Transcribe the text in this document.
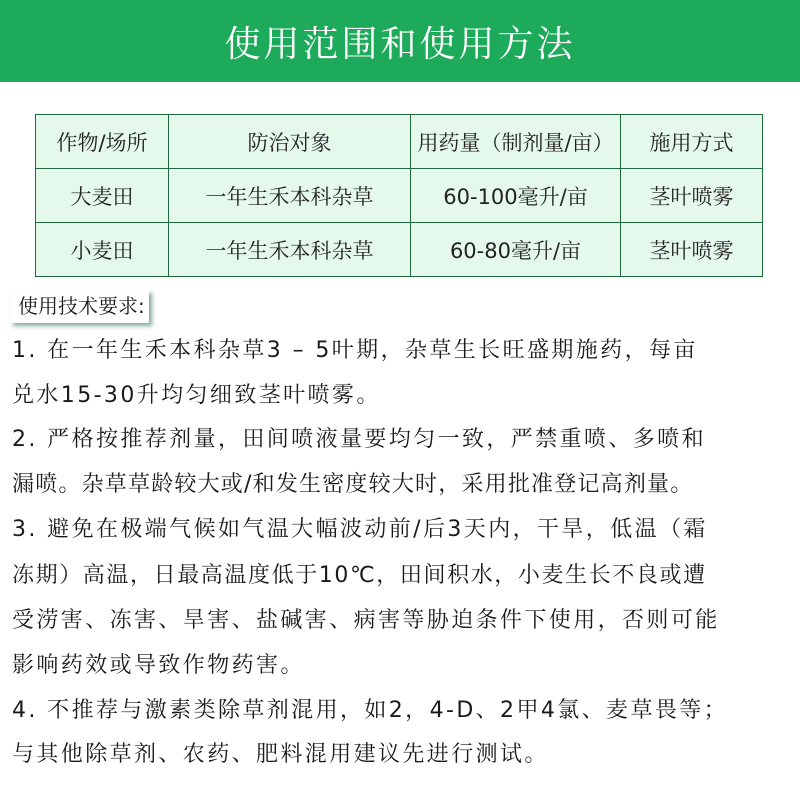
使用范围和使用方法
作物/场所	防治对象	用药量（制剂量/亩）	施用方式
大麦田	一年生禾本科杂草	60-100毫升/亩	茎叶喷雾
小麦田	一年生禾本科杂草	60-80毫升/亩	茎叶喷雾
使用技术要求:
1. 在一年生禾本科杂草3 – 5叶期，杂草生长旺盛期施药，每亩
兑水15-30升均匀细致茎叶喷雾。
2. 严格按推荐剂量，田间喷液量要均匀一致，严禁重喷、多喷和
漏喷。杂草草龄较大或/和发生密度较大时，采用批准登记高剂量。
3. 避免在极端气候如气温大幅波动前/后3天内，干旱，低温（霜
冻期）高温，日最高温度低于10℃，田间积水，小麦生长不良或遭
受涝害、冻害、旱害、盐碱害、病害等胁迫条件下使用，否则可能
影响药效或导致作物药害。
4. 不推荐与激素类除草剂混用，如2，4-D、2甲4氯、麦草畏等；
与其他除草剂、农药、肥料混用建议先进行测试。
